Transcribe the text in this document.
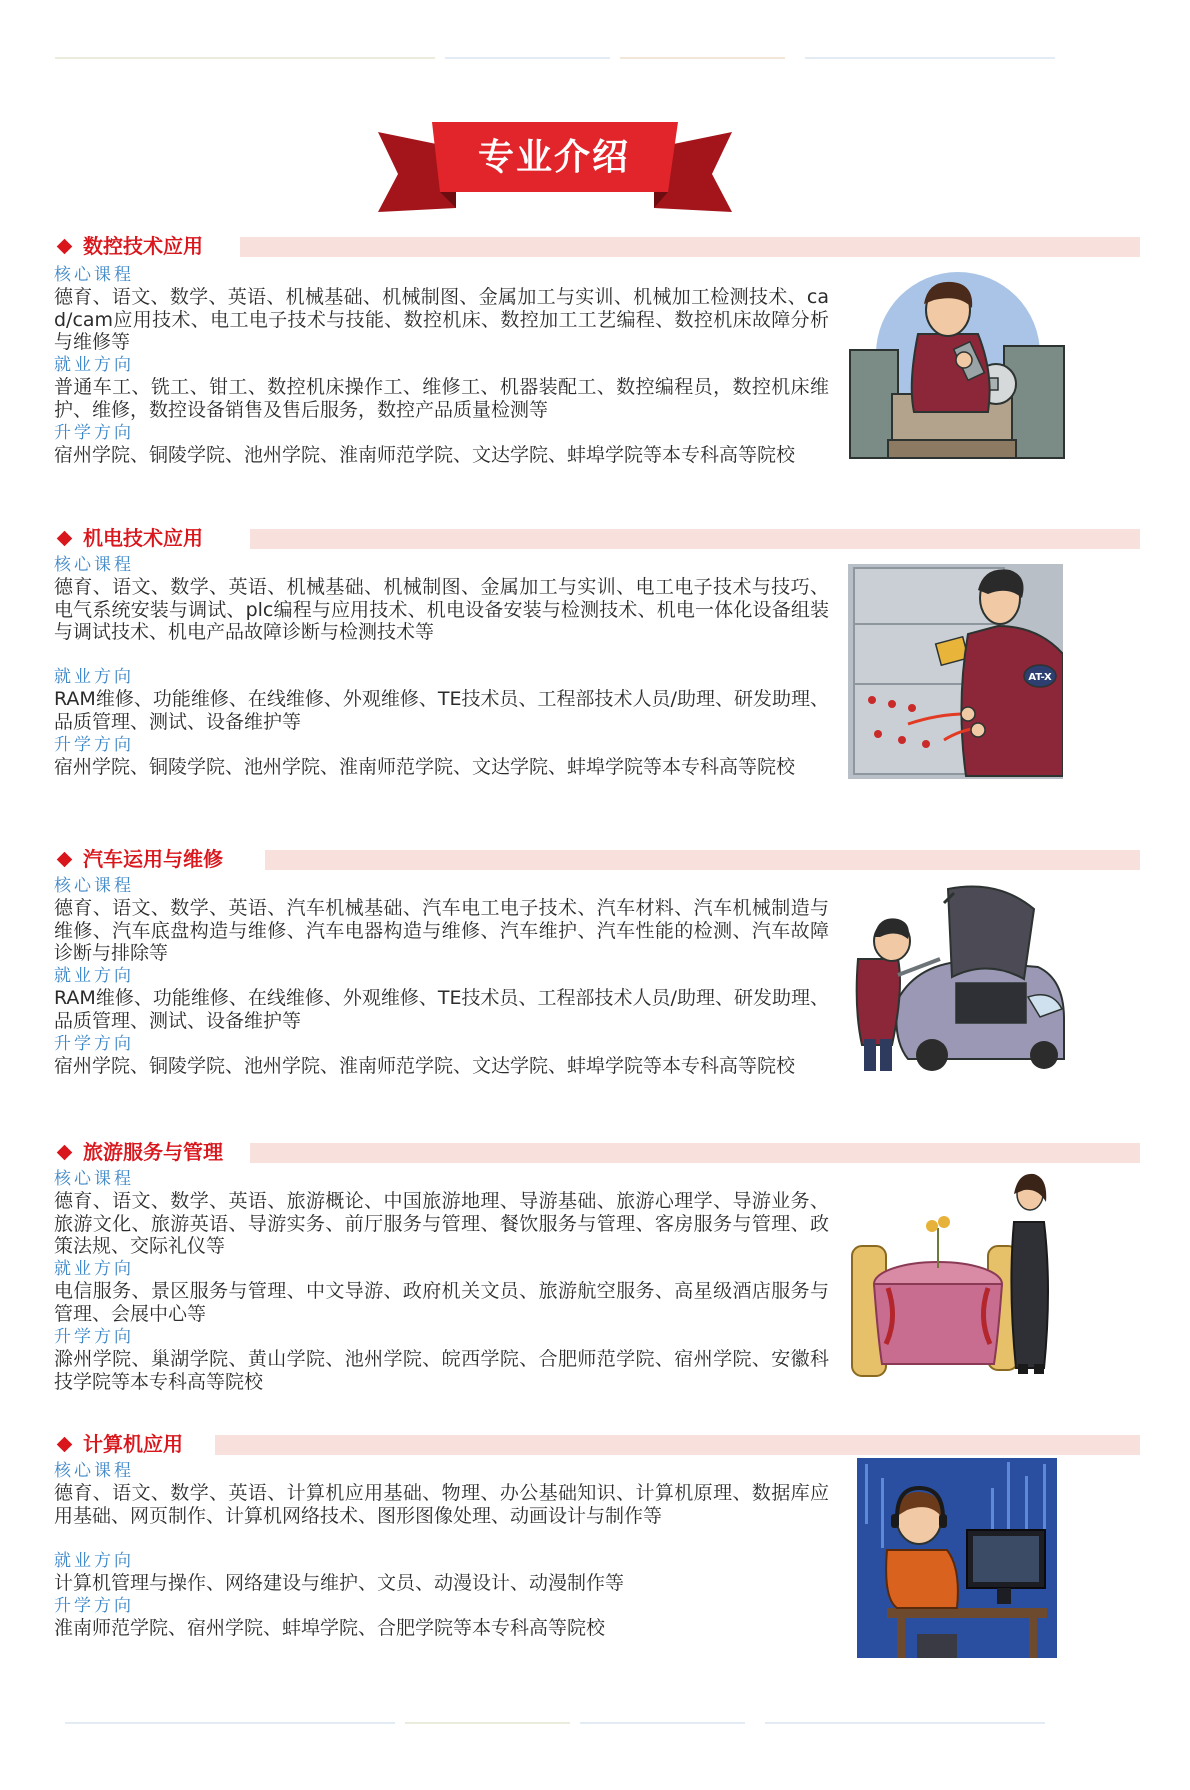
专业介绍
数控技术应用
核心课程
德育、语文、数学、英语、机械基础、机械制图、金属加工与实训、机械加工检测技术、cad/cam应用技术、电工电子技术与技能、数控机床、数控加工工艺编程、数控机床故障分析与维修等
就业方向
普通车工、铣工、钳工、数控机床操作工、维修工、机器装配工、数控编程员，数控机床维护、维修，数控设备销售及售后服务，数控产品质量检测等
升学方向
宿州学院、铜陵学院、池州学院、淮南师范学院、文达学院、蚌埠学院等本专科高等院校
机电技术应用
核心课程
德育、语文、数学、英语、机械基础、机械制图、金属加工与实训、电工电子技术与技巧、电气系统安装与调试、plc编程与应用技术、机电设备安装与检测技术、机电一体化设备组装与调试技术、机电产品故障诊断与检测技术等
就业方向
RAM维修、功能维修、在线维修、外观维修、TE技术员、工程部技术人员/助理、研发助理、品质管理、测试、设备维护等
升学方向
宿州学院、铜陵学院、池州学院、淮南师范学院、文达学院、蚌埠学院等本专科高等院校
AT-X
汽车运用与维修
核心课程
德育、语文、数学、英语、汽车机械基础、汽车电工电子技术、汽车材料、汽车机械制造与维修、汽车底盘构造与维修、汽车电器构造与维修、汽车维护、汽车性能的检测、汽车故障诊断与排除等
就业方向
RAM维修、功能维修、在线维修、外观维修、TE技术员、工程部技术人员/助理、研发助理、品质管理、测试、设备维护等
升学方向
宿州学院、铜陵学院、池州学院、淮南师范学院、文达学院、蚌埠学院等本专科高等院校
旅游服务与管理
核心课程
德育、语文、数学、英语、旅游概论、中国旅游地理、导游基础、旅游心理学、导游业务、旅游文化、旅游英语、导游实务、前厅服务与管理、餐饮服务与管理、客房服务与管理、政策法规、交际礼仪等
就业方向
电信服务、景区服务与管理、中文导游、政府机关文员、旅游航空服务、高星级酒店服务与管理、会展中心等
升学方向
滁州学院、巢湖学院、黄山学院、池州学院、皖西学院、合肥师范学院、宿州学院、安徽科技学院等本专科高等院校
计算机应用
核心课程
德育、语文、数学、英语、计算机应用基础、物理、办公基础知识、计算机原理、数据库应用基础、网页制作、计算机网络技术、图形图像处理、动画设计与制作等
就业方向
计算机管理与操作、网络建设与维护、文员、动漫设计、动漫制作等
升学方向
淮南师范学院、宿州学院、蚌埠学院、合肥学院等本专科高等院校
